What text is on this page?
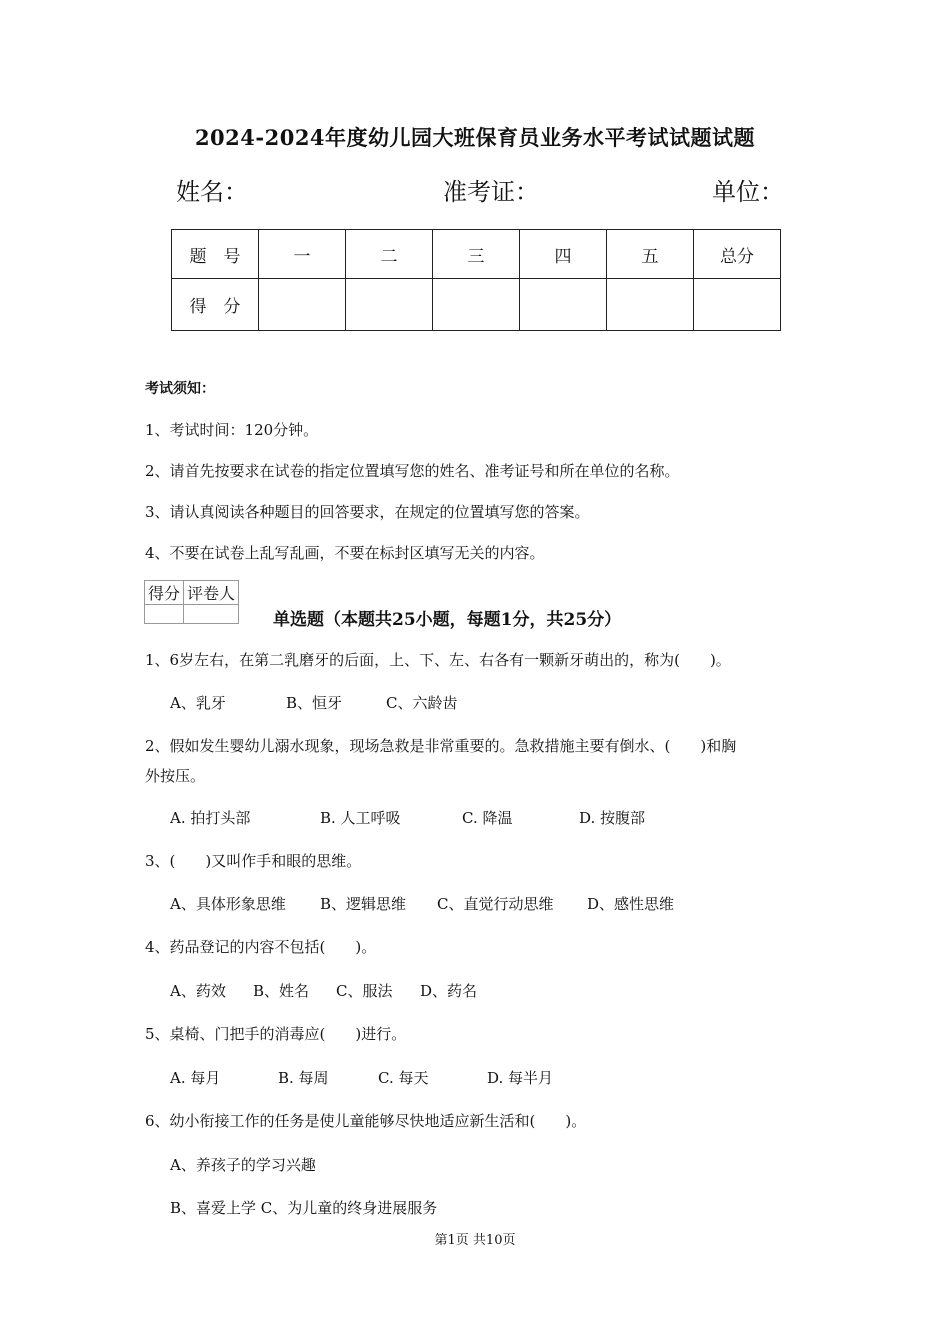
2024-2024年度幼儿园大班保育员业务水平考试试题试题
姓名：	准考证：	单位：
题　号	一	二	三	四	五	总分
得　分						
考试须知：
1、考试时间：120分钟。
2、请首先按要求在试卷的指定位置填写您的姓名、准考证号和所在单位的名称。
3、请认真阅读各种题目的回答要求，在规定的位置填写您的答案。
4、不要在试卷上乱写乱画，不要在标封区填写无关的内容。
得分	评卷人

单选题（本题共25小题，每题1分，共25分）
1、6岁左右，在第二乳磨牙的后面，上、下、左、右各有一颗新牙萌出的，称为(　　)。
A、乳牙	B、恒牙	C、六龄齿
2、假如发生婴幼儿溺水现象，现场急救是非常重要的。急救措施主要有倒水、(　　)和胸
外按压。
A. 拍打头部	B. 人工呼吸	C. 降温	D. 按腹部
3、(　　)又叫作手和眼的思维。
A、具体形象思维 B、逻辑思维 C、直觉行动思维 D、感性思维
4、药品登记的内容不包括(　　)。
A、药效 B、姓名 C、服法 D、药名
5、桌椅、门把手的消毒应(　　)进行。
A. 每月	B. 每周	C. 每天	D. 每半月
6、幼小衔接工作的任务是使儿童能够尽快地适应新生活和(　　)。
A、养孩子的学习兴趣
B、喜爱上学 C、为儿童的终身进展服务
第1页 共10页
